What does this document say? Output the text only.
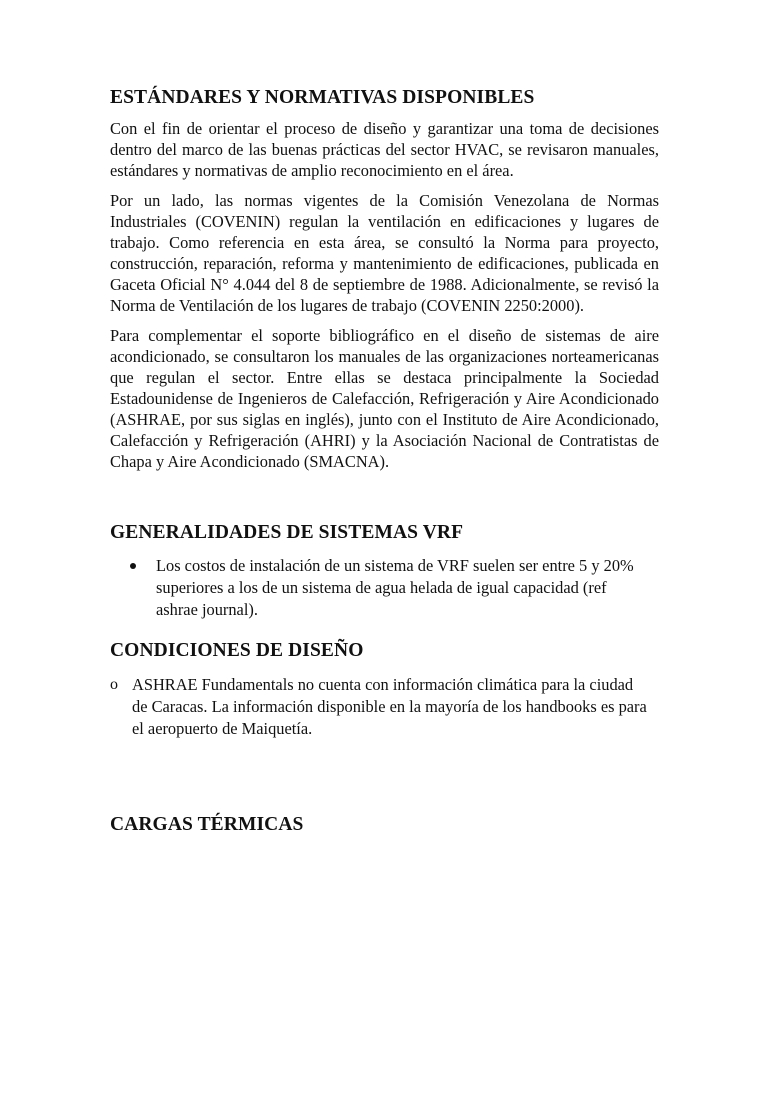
ESTÁNDARES Y NORMATIVAS DISPONIBLES

Con el fin de orientar el proceso de diseño y garantizar una toma de decisiones dentro del marco de las buenas prácticas del sector HVAC, se revisaron manuales, estándares y normativas de amplio reconocimiento en el área.

Por un lado, las normas vigentes de la Comisión Venezolana de Normas Industriales (COVENIN) regulan la ventilación en edificaciones y lugares de trabajo. Como referencia en esta área, se consultó la Norma para proyecto, construcción, reparación, reforma y mantenimiento de edificaciones, publicada en Gaceta Oficial N° 4.044 del 8 de septiembre de 1988. Adicionalmente, se revisó la Norma de Ventilación de los lugares de trabajo (COVENIN 2250:2000).

Para complementar el soporte bibliográfico en el diseño de sistemas de aire acondicionado, se consultaron los manuales de las organizaciones norteamericanas que regulan el sector. Entre ellas se destaca principalmente la Sociedad Estadounidense de Ingenieros de Calefacción, Refrigeración y Aire Acondicionado (ASHRAE, por sus siglas en inglés), junto con el Instituto de Aire Acondicionado, Calefacción y Refrigeración (AHRI) y la Asociación Nacional de Contratistas de Chapa y Aire Acondicionado (SMACNA).

GENERALIDADES DE SISTEMAS VRF
Los costos de instalación de un sistema de VRF suelen ser entre 5 y 20% superiores a los de un sistema de agua helada de igual capacidad (ref ashrae journal).
CONDICIONES DE DISEÑO
o ASHRAE Fundamentals no cuenta con información climática para la ciudad de Caracas. La información disponible en la mayoría de los handbooks es para el aeropuerto de Maiquetía.
CARGAS TÉRMICAS
